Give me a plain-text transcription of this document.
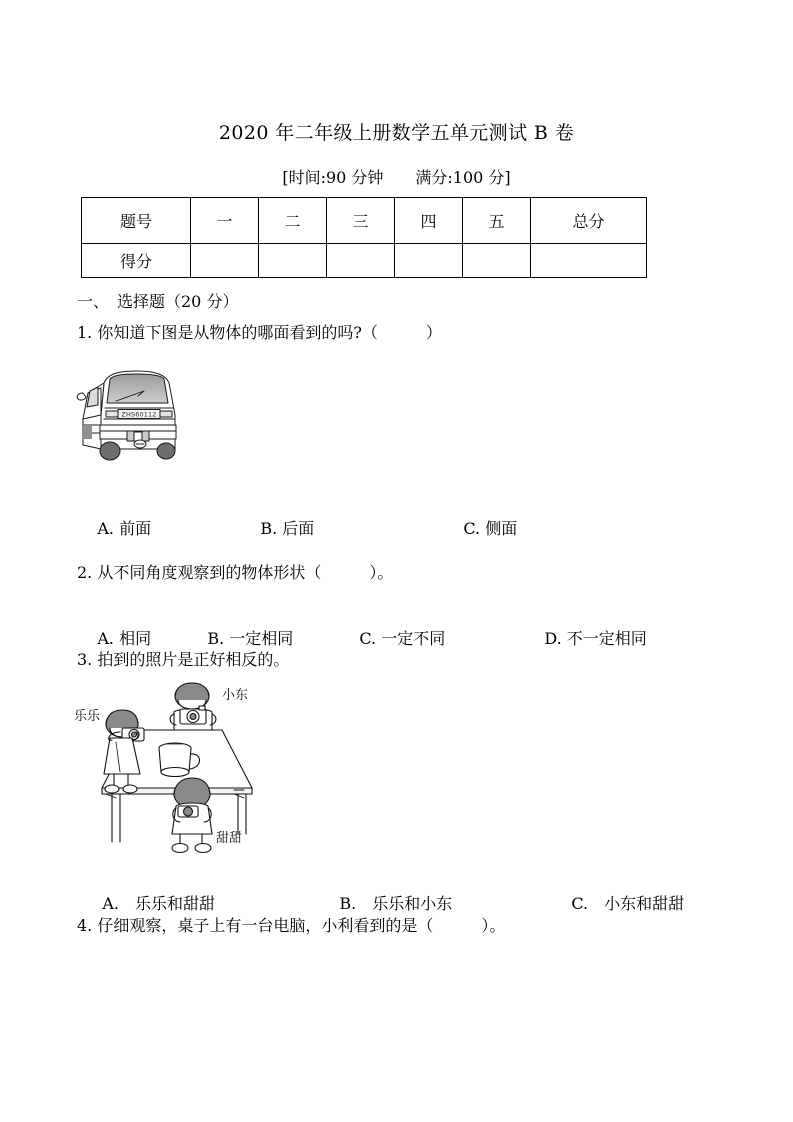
2020 年二年级上册数学五单元测试 B 卷
[时间:90 分钟　　满分:100 分]
题号	一	二	三	四	五	总分
得分						
一、　选择题（20 分）
1. 你知道下图是从物体的哪面看到的吗?（　　　）
ZHS60112

A. 前面	B. 后面	C. 侧面

2. 从不同角度观察到的物体形状（　　　）。

A. 相同	B. 一定相同	C. 一定不同	D. 不一定相同

3. 拍到的照片是正好相反的。
小东
乐乐
甜甜

A.　乐乐和甜甜	B.　乐乐和小东	C.　小东和甜甜

4. 仔细观察，桌子上有一台电脑，小利看到的是（　　　）。
